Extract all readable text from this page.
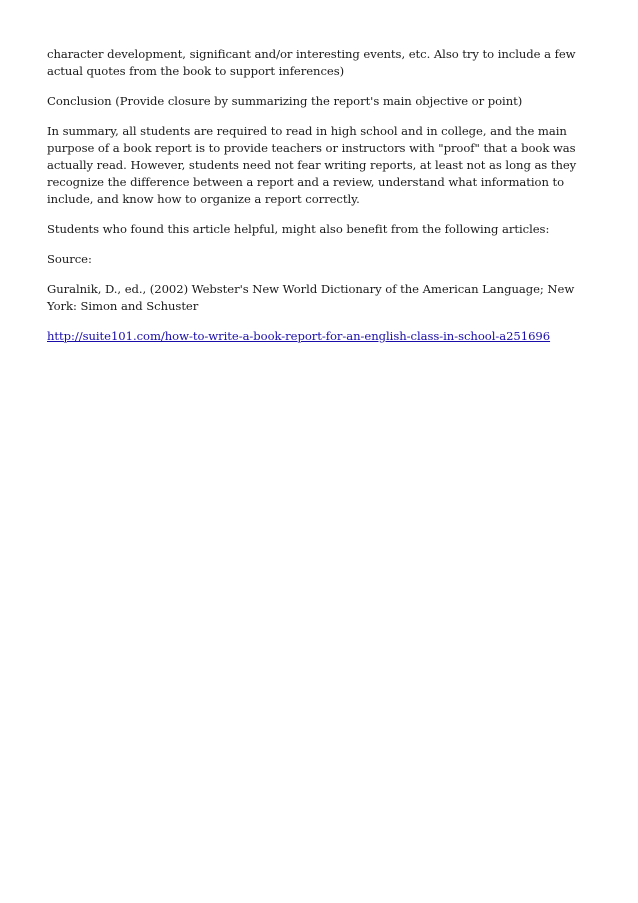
character development, significant and/or interesting events, etc. Also try to include a few actual quotes from the book to support inferences)

Conclusion (Provide closure by summarizing the report's main objective or point)

In summary, all students are required to read in high school and in college, and the main purpose of a book report is to provide teachers or instructors with "proof" that a book was actually read. However, students need not fear writing reports, at least not as long as they recognize the difference between a report and a review, understand what information to include, and know how to organize a report correctly.

Students who found this article helpful, might also benefit from the following articles:

Source:

Guralnik, D., ed., (2002) Webster's New World Dictionary of the American Language; New York: Simon and Schuster

http://suite101.com/how-to-write-a-book-report-for-an-english-class-in-school-a251696
